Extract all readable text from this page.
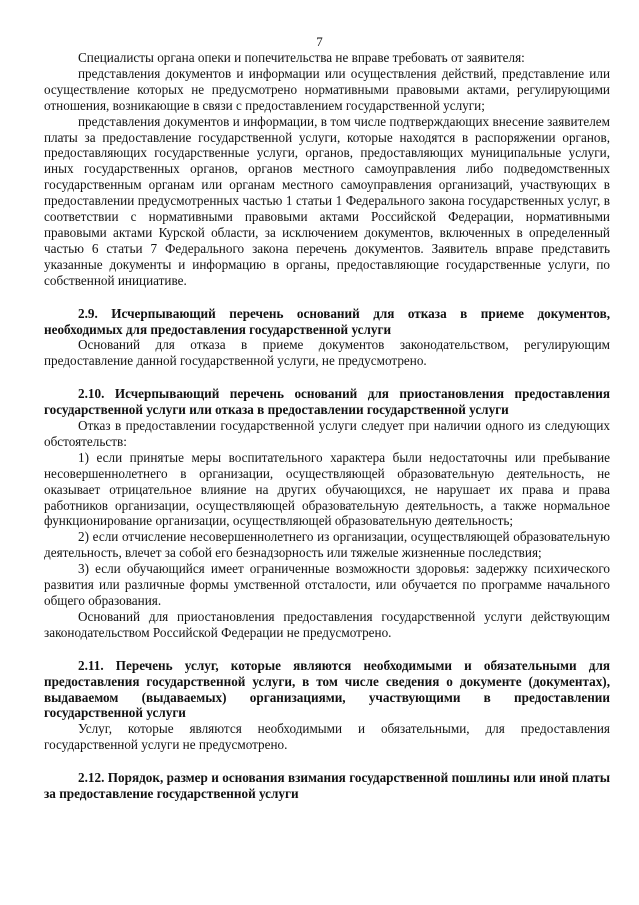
7

Специалисты органа опеки и попечительства не вправе требовать от заявителя:

представления документов и информации или осуществления действий, представление или осуществление которых не предусмотрено нормативными правовыми актами, регулирующими отношения, возникающие в связи с предоставлением государственной услуги;

представления документов и информации, в том числе подтверждающих внесение заявителем платы за предоставление государственной услуги, которые находятся в распоряжении органов, предоставляющих государственные услуги, органов, предоставляющих муниципальные услуги, иных государственных органов, органов местного самоуправления либо подведомственных государственным органам или органам местного самоуправления организаций, участвующих в предоставлении предусмотренных частью 1 статьи 1 Федерального закона государственных услуг, в соответствии с нормативными правовыми актами Российской Федерации, нормативными правовыми актами Курской области, за исключением документов, включенных в определенный частью 6 статьи 7 Федерального закона перечень документов. Заявитель вправе представить указанные документы и информацию в органы, предоставляющие государственные услуги, по собственной инициативе.

2.9. Исчерпывающий перечень оснований для отказа в приеме документов, необходимых для предоставления государственной услуги

Оснований для отказа в приеме документов законодательством, регулирующим предоставление данной государственной услуги, не предусмотрено.

2.10. Исчерпывающий перечень оснований для приостановления предоставления государственной услуги или отказа в предоставлении государственной услуги

Отказ в предоставлении государственной услуги следует при наличии одного из следующих обстоятельств:

1) если принятые меры воспитательного характера были недостаточны или пребывание несовершеннолетнего в организации, осуществляющей образовательную деятельность, не оказывает отрицательное влияние на других обучающихся, не нарушает их права и права работников организации, осуществляющей образовательную деятельность, а также нормальное функционирование организации, осуществляющей образовательную деятельность;

2) если отчисление несовершеннолетнего из организации, осуществляющей образовательную деятельность, влечет за собой его безнадзорность или тяжелые жизненные последствия;

3) если обучающийся имеет ограниченные возможности здоровья: задержку психического развития или различные формы умственной отсталости, или обучается по программе начального общего образования.

Оснований для приостановления предоставления государственной услуги действующим законодательством Российской Федерации не предусмотрено.

2.11. Перечень услуг, которые являются необходимыми и обязательными для предоставления государственной услуги, в том числе сведения о документе (документах), выдаваемом (выдаваемых) организациями, участвующими в предоставлении государственной услуги

Услуг, которые являются необходимыми и обязательными, для предоставления государственной услуги не предусмотрено.

2.12. Порядок, размер и основания взимания государственной пошлины или иной платы за предоставление государственной услуги
